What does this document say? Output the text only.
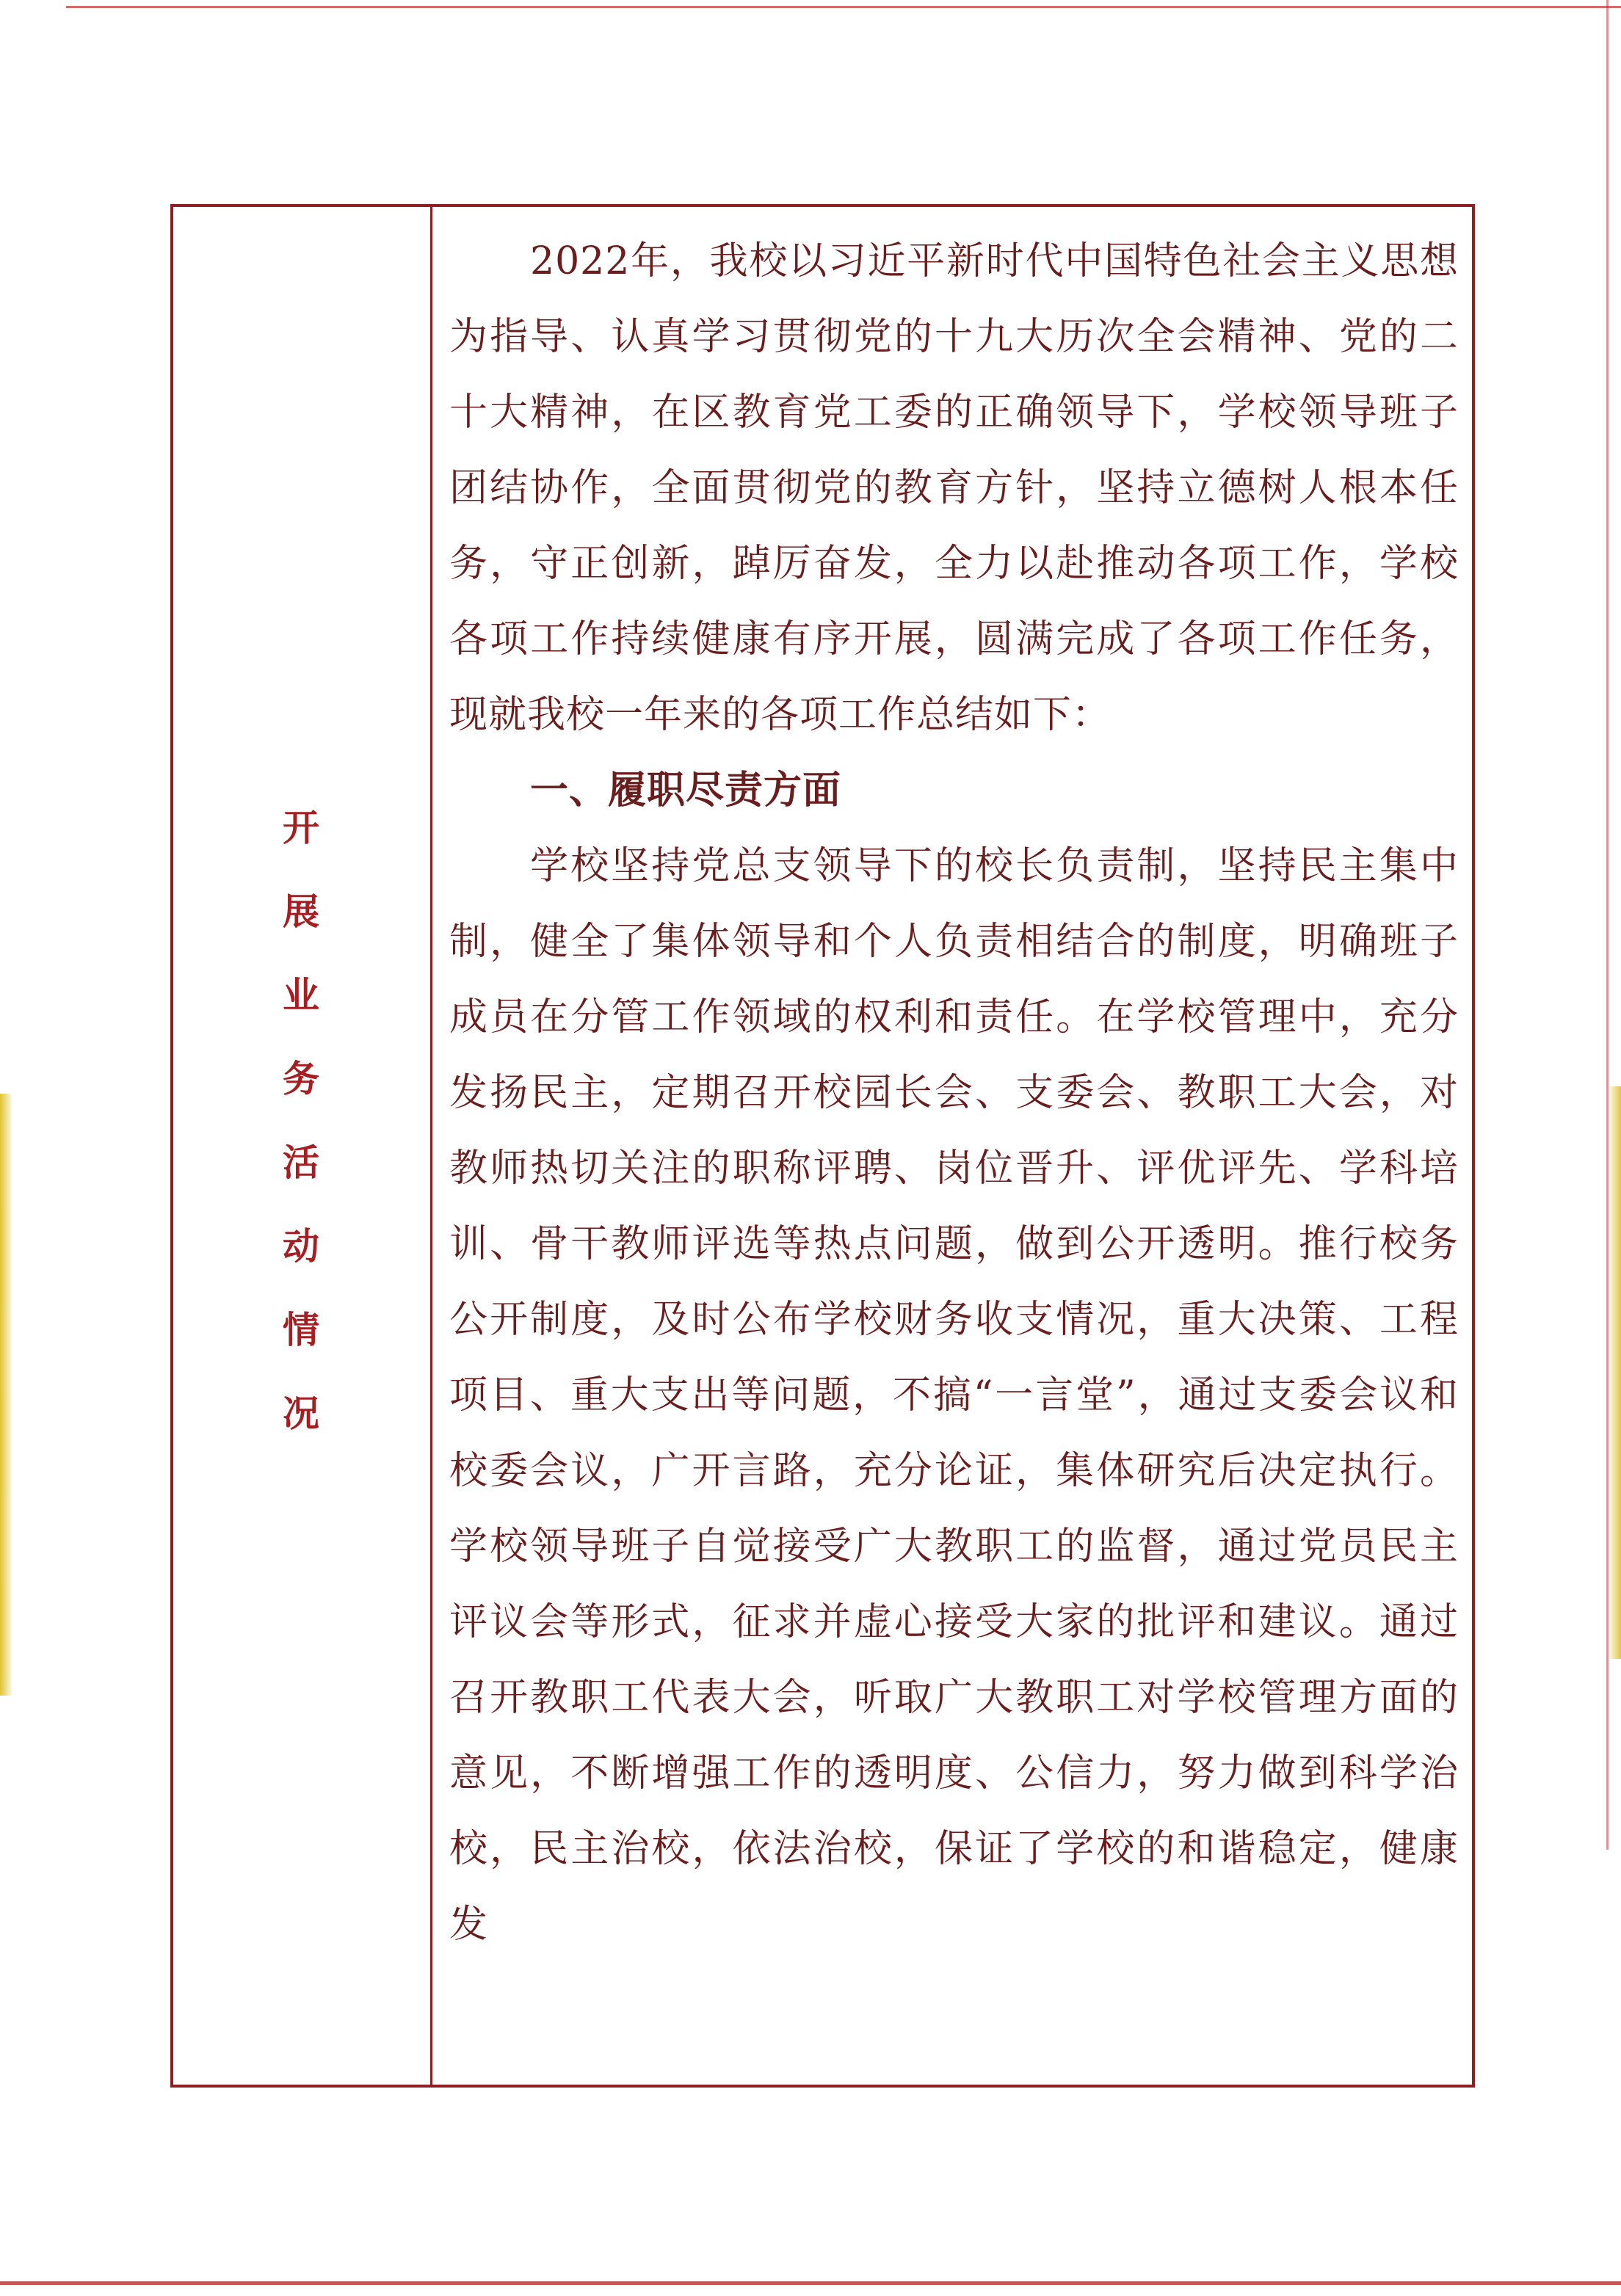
开
展
业
务
活
动
情
况

2022年，我校以习近平新时代中国特色社会主义思想为指导、认真学习贯彻党的十九大历次全会精神、党的二十大精神，在区教育党工委的正确领导下，学校领导班子团结协作，全面贯彻党的教育方针，坚持立德树人根本任务，守正创新，踔厉奋发，全力以赴推动各项工作，学校各项工作持续健康有序开展，圆满完成了各项工作任务，现就我校一年来的各项工作总结如下：

一、履职尽责方面

学校坚持党总支领导下的校长负责制，坚持民主集中制，健全了集体领导和个人负责相结合的制度，明确班子成员在分管工作领域的权利和责任。在学校管理中，充分发扬民主，定期召开校园长会、支委会、教职工大会，对教师热切关注的职称评聘、岗位晋升、评优评先、学科培训、骨干教师评选等热点问题，做到公开透明。推行校务公开制度，及时公布学校财务收支情况，重大决策、工程项目、重大支出等问题，不搞“一言堂”，通过支委会议和校委会议，广开言路，充分论证，集体研究后决定执行。学校领导班子自觉接受广大教职工的监督，通过党员民主评议会等形式，征求并虚心接受大家的批评和建议。通过召开教职工代表大会，听取广大教职工对学校管理方面的意见，不断增强工作的透明度、公信力，努力做到科学治校，民主治校，依法治校，保证了学校的和谐稳定，健康发
